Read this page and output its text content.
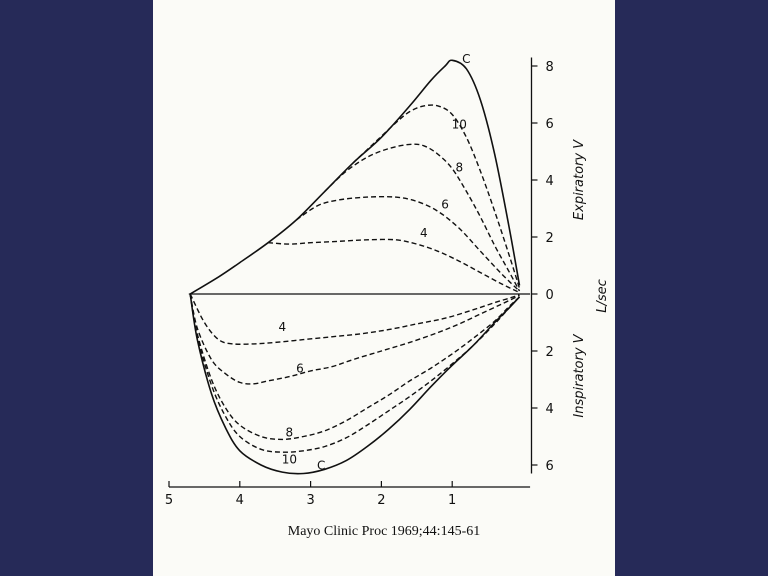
8
6
4
2
0
2
4
6
5	4	3	2	1
C
10
8
6
4
4
6
8
10 C
Expiratory V
L/sec
Inspiratory V
Mayo Clinic Proc 1969;44:145-61
